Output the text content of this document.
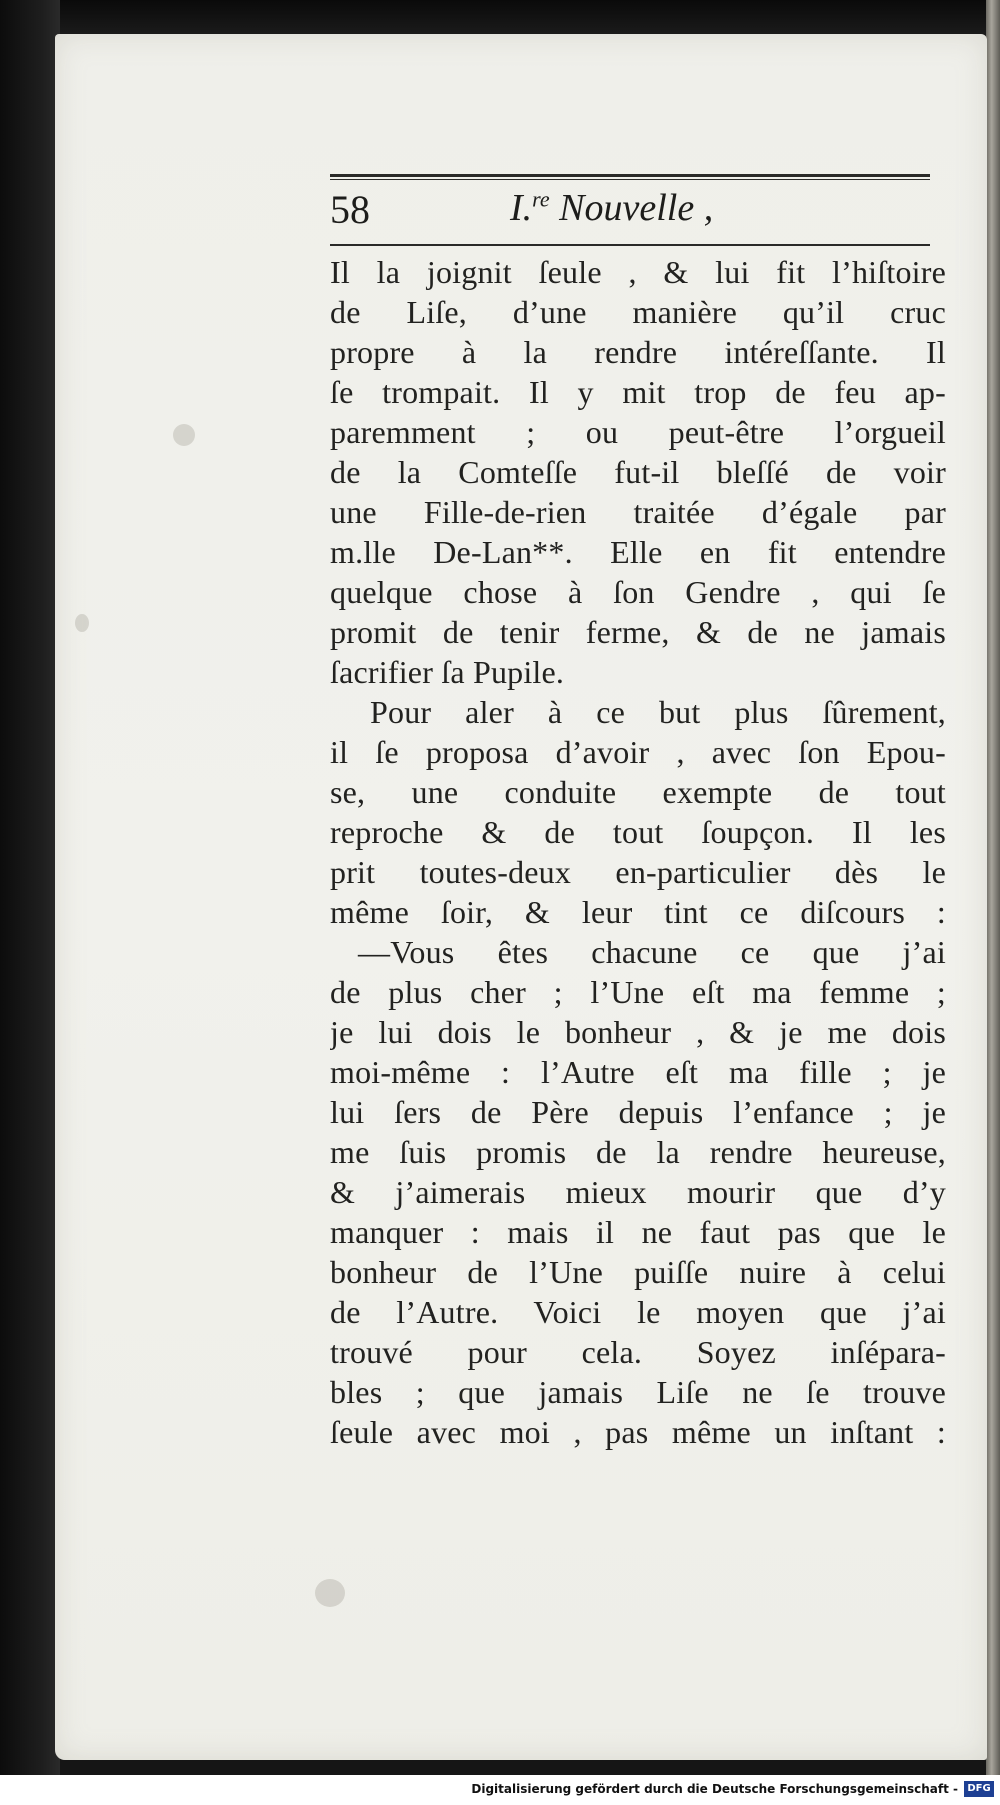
58	I.$^{re}$ Nouvelle ,
Il la joignit ſeule , & lui fit l’hiſtoire
de Liſe, d’une manière qu’il cruc
propre à la rendre intéreſſante. Il
ſe trompait. Il y mit trop de feu ap-
paremment ; ou peut-être l’orgueil
de la Comteſſe fut-il bleſſé de voir
une Fille-de-rien traitée d’égale par
m.lle De-Lan**. Elle en fit entendre
quelque chose à ſon Gendre , qui ſe
promit de tenir ferme, & de ne jamais
ſacrifier ſa Pupile.
Pour aler à ce but plus ſûrement,
il ſe proposa d’avoir , avec ſon Epou-
se, une conduite exempte de tout
reproche & de tout ſoupçon. Il les
prit toutes-deux en-particulier dès le
même ſoir, & leur tint ce diſcours :
—Vous êtes chacune ce que j’ai
de plus cher ; l’Une eſt ma femme ;
je lui dois le bonheur , & je me dois
moi-même : l’Autre eſt ma fille ; je
lui ſers de Père depuis l’enfance ; je
me ſuis promis de la rendre heureuse,
& j’aimerais mieux mourir que d’y
manquer : mais il ne faut pas que le
bonheur de l’Une puiſſe nuire à celui
de l’Autre. Voici le moyen que j’ai
trouvé pour cela. Soyez inſépara-
bles ; que jamais Liſe ne ſe trouve
ſeule avec moi , pas même un inſtant :
Digitalisierung gefördert durch die Deutsche Forschungsgemeinschaft - DFG
